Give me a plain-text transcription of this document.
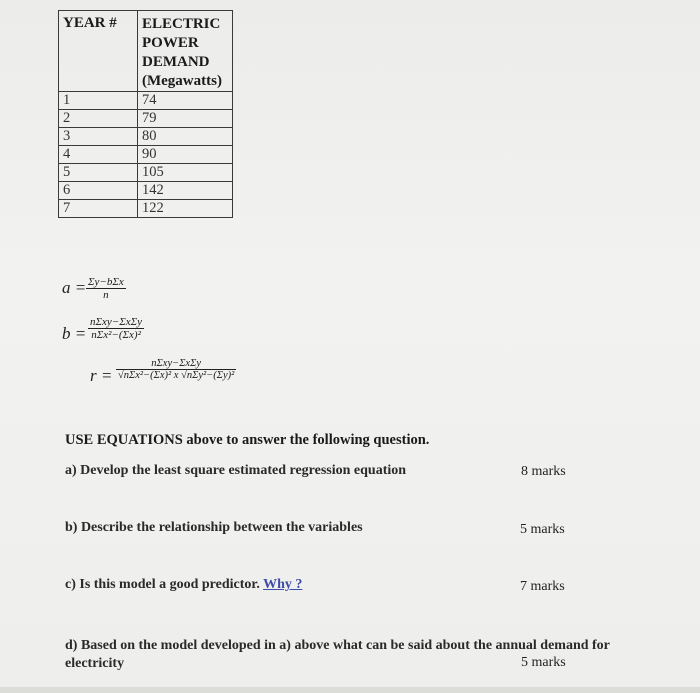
YEAR #	ELECTRIC
POWER
DEMAND
(Megawatts)
1	74
2	79
3	80
4	90
5	105
6	142
7	122
a = Σy−bΣx
n
b =
nΣxy−ΣxΣy
nΣx²−(Σx)²
r =
nΣxy−ΣxΣy
√nΣx²−(Σx)² x √nΣy²−(Σy)²
USE EQUATIONS above to answer the following question.
a) Develop the least square estimated regression equation	8 marks
b) Describe the relationship between the variables	5 marks
c) Is this model a good predictor. Why ?	7 marks
d) Based on the model developed in a) above what can be said about the annual demand for electricity	5 marks
